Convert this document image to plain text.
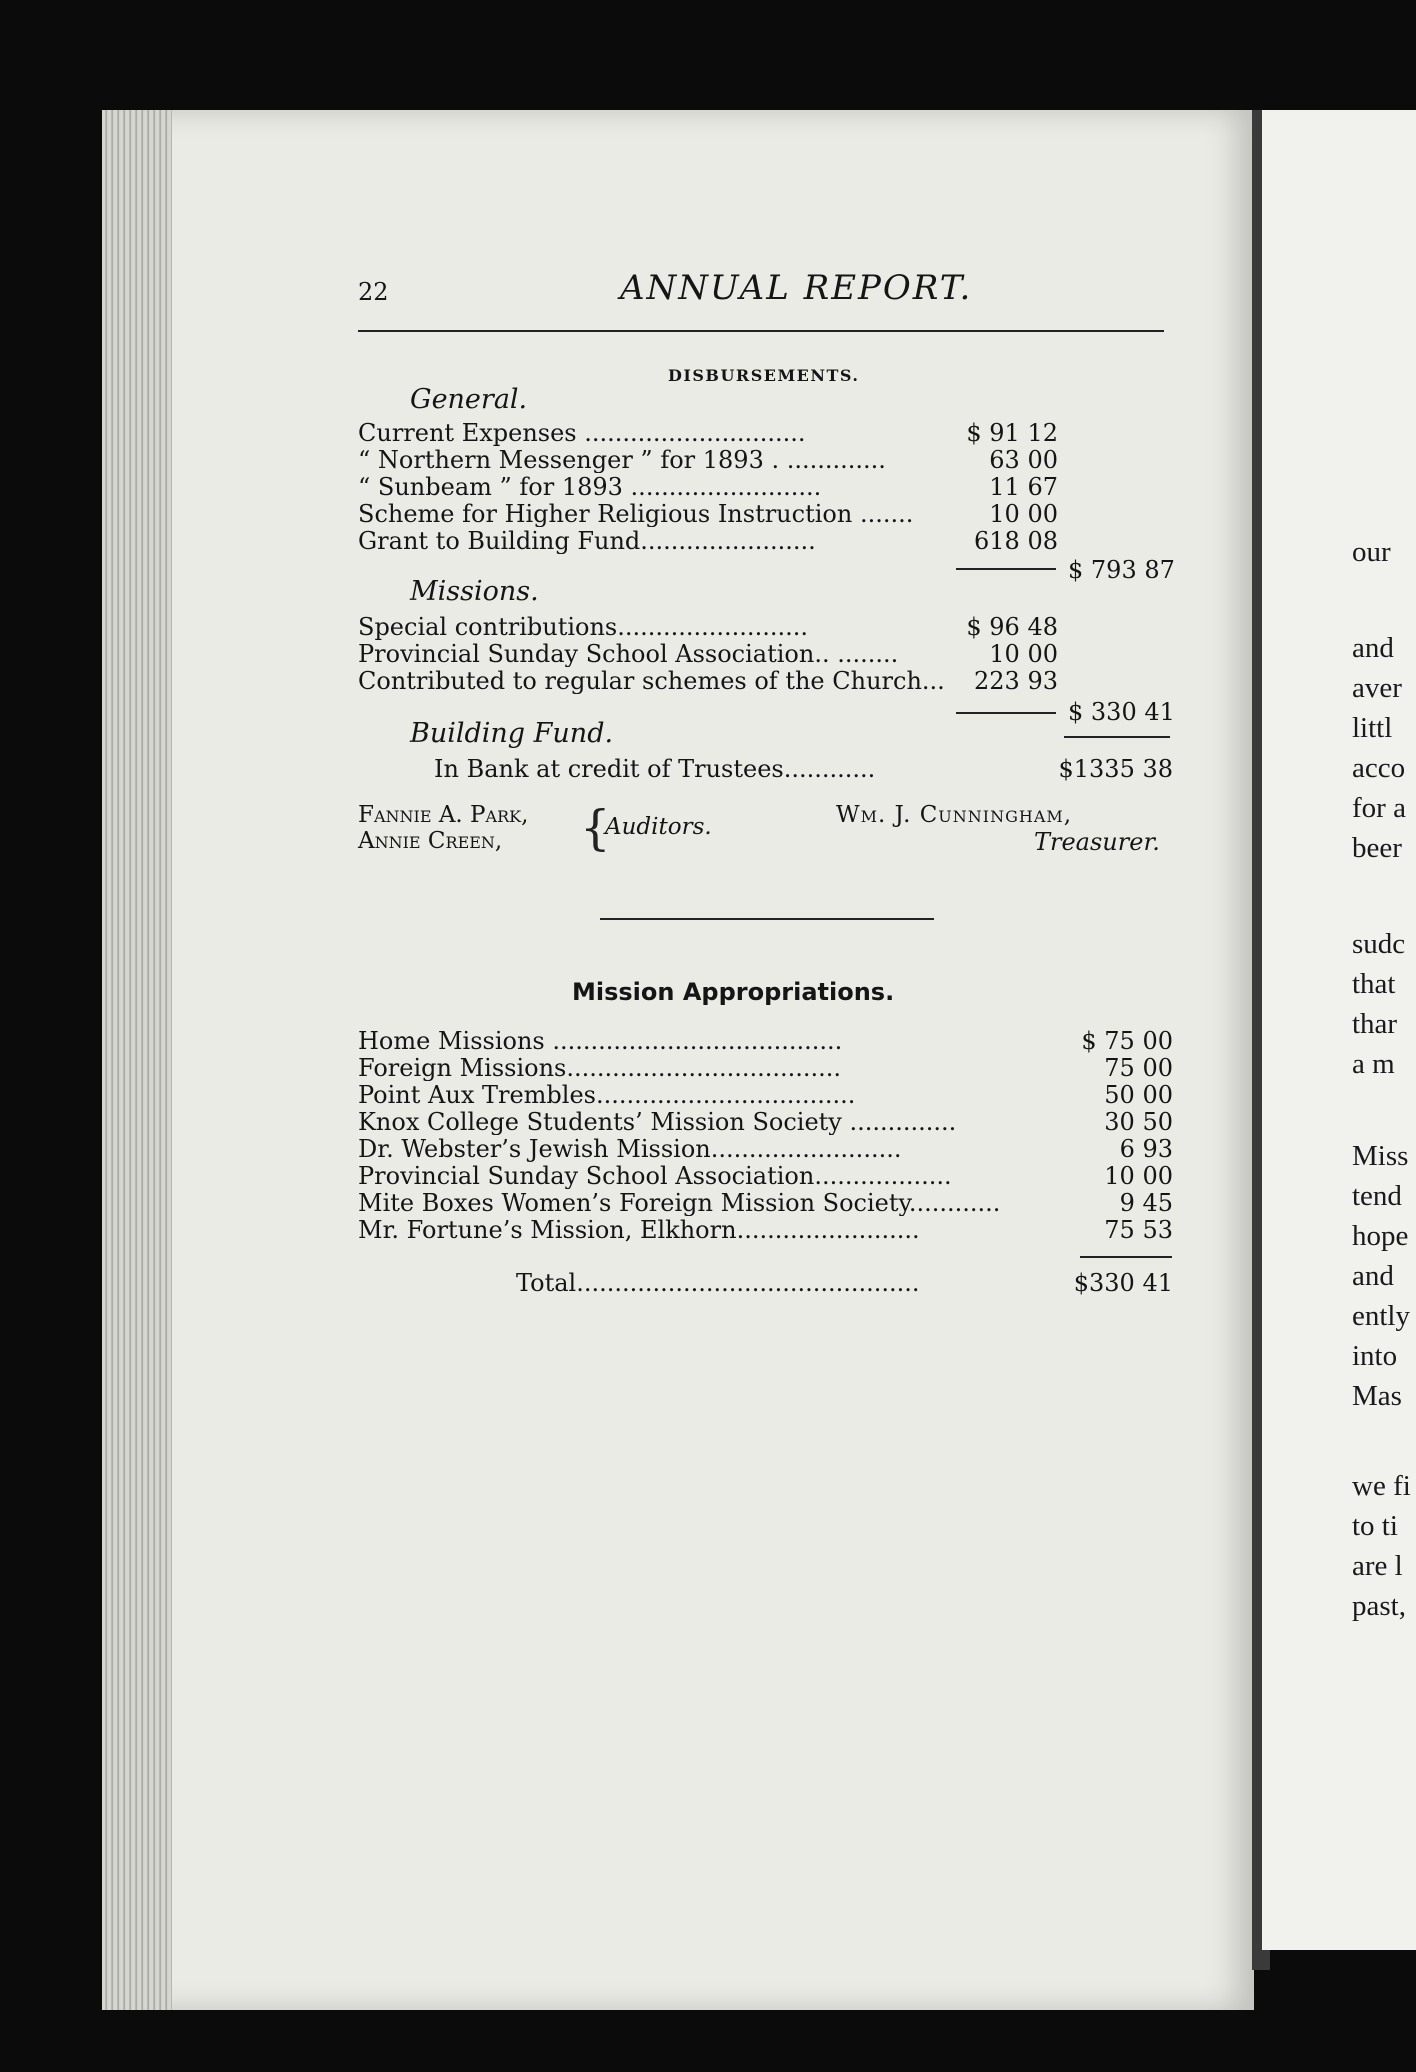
our
and
aver
littl
acco
for a
beer
sudc
that
thar
a m
Miss
tend
hope
and
ently
into
Mas
we fi
to ti
are l
past,
22	ANNUAL REPORT.
DISBURSEMENTS.
General.
Current Expenses .............................	$ 91 12
“ Northern Messenger ” for 1893 . .............	63 00
“ Sunbeam ” for 1893 .........................	11 67
Scheme for Higher Religious Instruction .......	10 00
Grant to Building Fund.......................	618 08
$ 793 87
Missions.
Special contributions.........................	$ 96 48
Provincial Sunday School Association.. ........	10 00
Contributed to regular schemes of the Church...	223 93
$ 330 41
Building Fund.
In Bank at credit of Trustees............	$1335 38
Fannie A. Park,
Annie Creen, {
Auditors.	Wm. J. Cunningham,
Treasurer.
Mission Appropriations.
Home Missions ......................................	$ 75 00
Foreign Missions....................................	75 00
Point Aux Trembles..................................	50 00
Knox College Students’ Mission Society ..............	30 50
Dr. Webster’s Jewish Mission.........................	6 93
Provincial Sunday School Association..................	10 00
Mite Boxes Women’s Foreign Mission Society............	9 45
Mr. Fortune’s Mission, Elkhorn........................	75 53
Total.............................................	$330 41
